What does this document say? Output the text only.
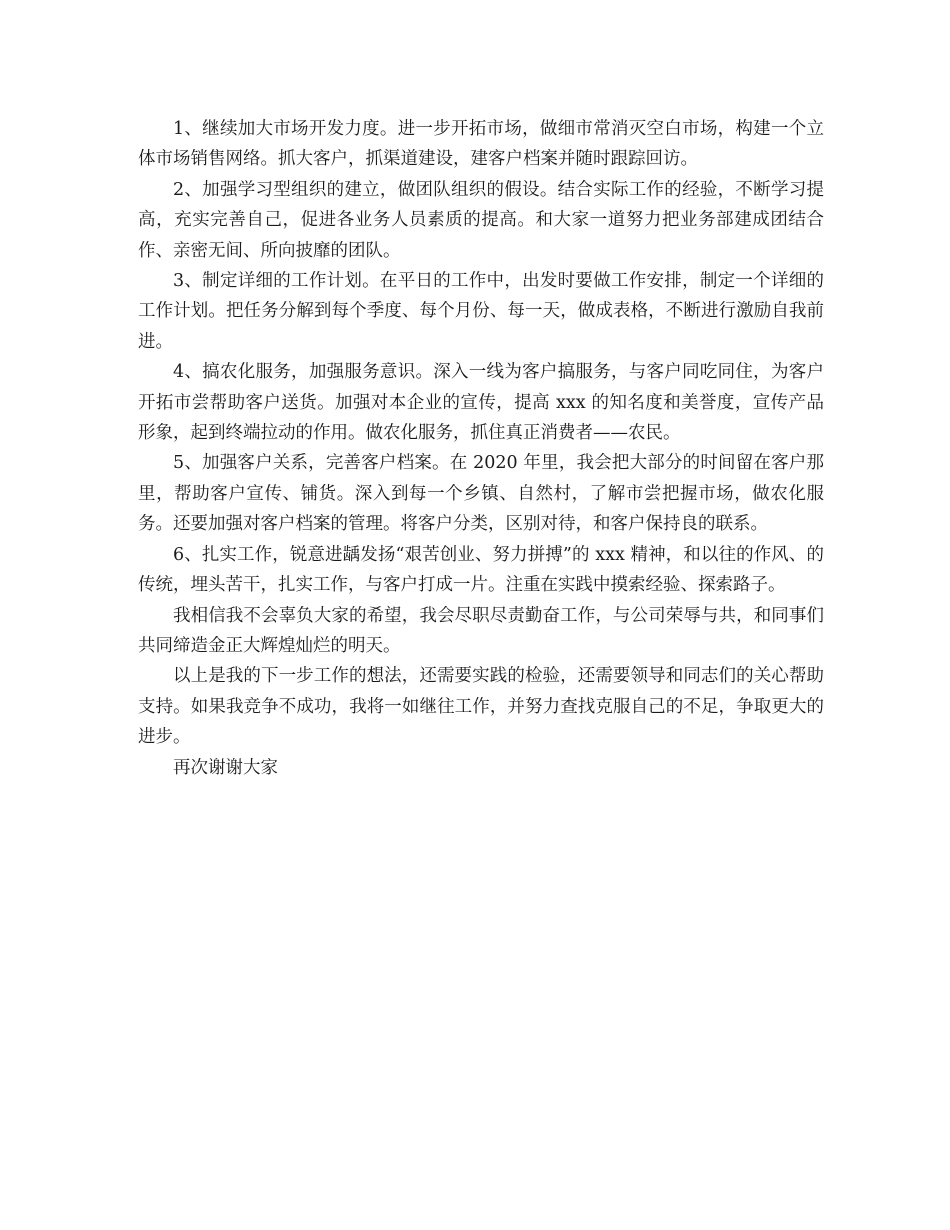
1、继续加大市场开发力度。进一步开拓市场，做细市常消灭空白市场，构建一个立体市场销售网络。抓大客户，抓渠道建设，建客户档案并随时跟踪回访。

2、加强学习型组织的建立，做团队组织的假设。结合实际工作的经验，不断学习提高，充实完善自己，促进各业务人员素质的提高。和大家一道努力把业务部建成团结合作、亲密无间、所向披靡的团队。

3、制定详细的工作计划。在平日的工作中，出发时要做工作安排，制定一个详细的工作计划。把任务分解到每个季度、每个月份、每一天，做成表格，不断进行激励自我前进。

4、搞农化服务，加强服务意识。深入一线为客户搞服务，与客户同吃同住，为客户开拓市尝帮助客户送货。加强对本企业的宣传，提高 xxx 的知名度和美誉度，宣传产品形象，起到终端拉动的作用。做农化服务，抓住真正消费者——农民。

5、加强客户关系，完善客户档案。在 2020 年里，我会把大部分的时间留在客户那里，帮助客户宣传、铺货。深入到每一个乡镇、自然村，了解市尝把握市场，做农化服务。还要加强对客户档案的管理。将客户分类，区别对待，和客户保持良的联系。

6、扎实工作，锐意进龋发扬“艰苦创业、努力拼搏”的 xxx 精神，和以往的作风、的传统，埋头苦干，扎实工作，与客户打成一片。注重在实践中摸索经验、探索路子。

我相信我不会辜负大家的希望，我会尽职尽责勤奋工作，与公司荣辱与共，和同事们共同缔造金正大辉煌灿烂的明天。

以上是我的下一步工作的想法，还需要实践的检验，还需要领导和同志们的关心帮助支持。如果我竞争不成功，我将一如继往工作，并努力查找克服自己的不足，争取更大的进步。

再次谢谢大家
